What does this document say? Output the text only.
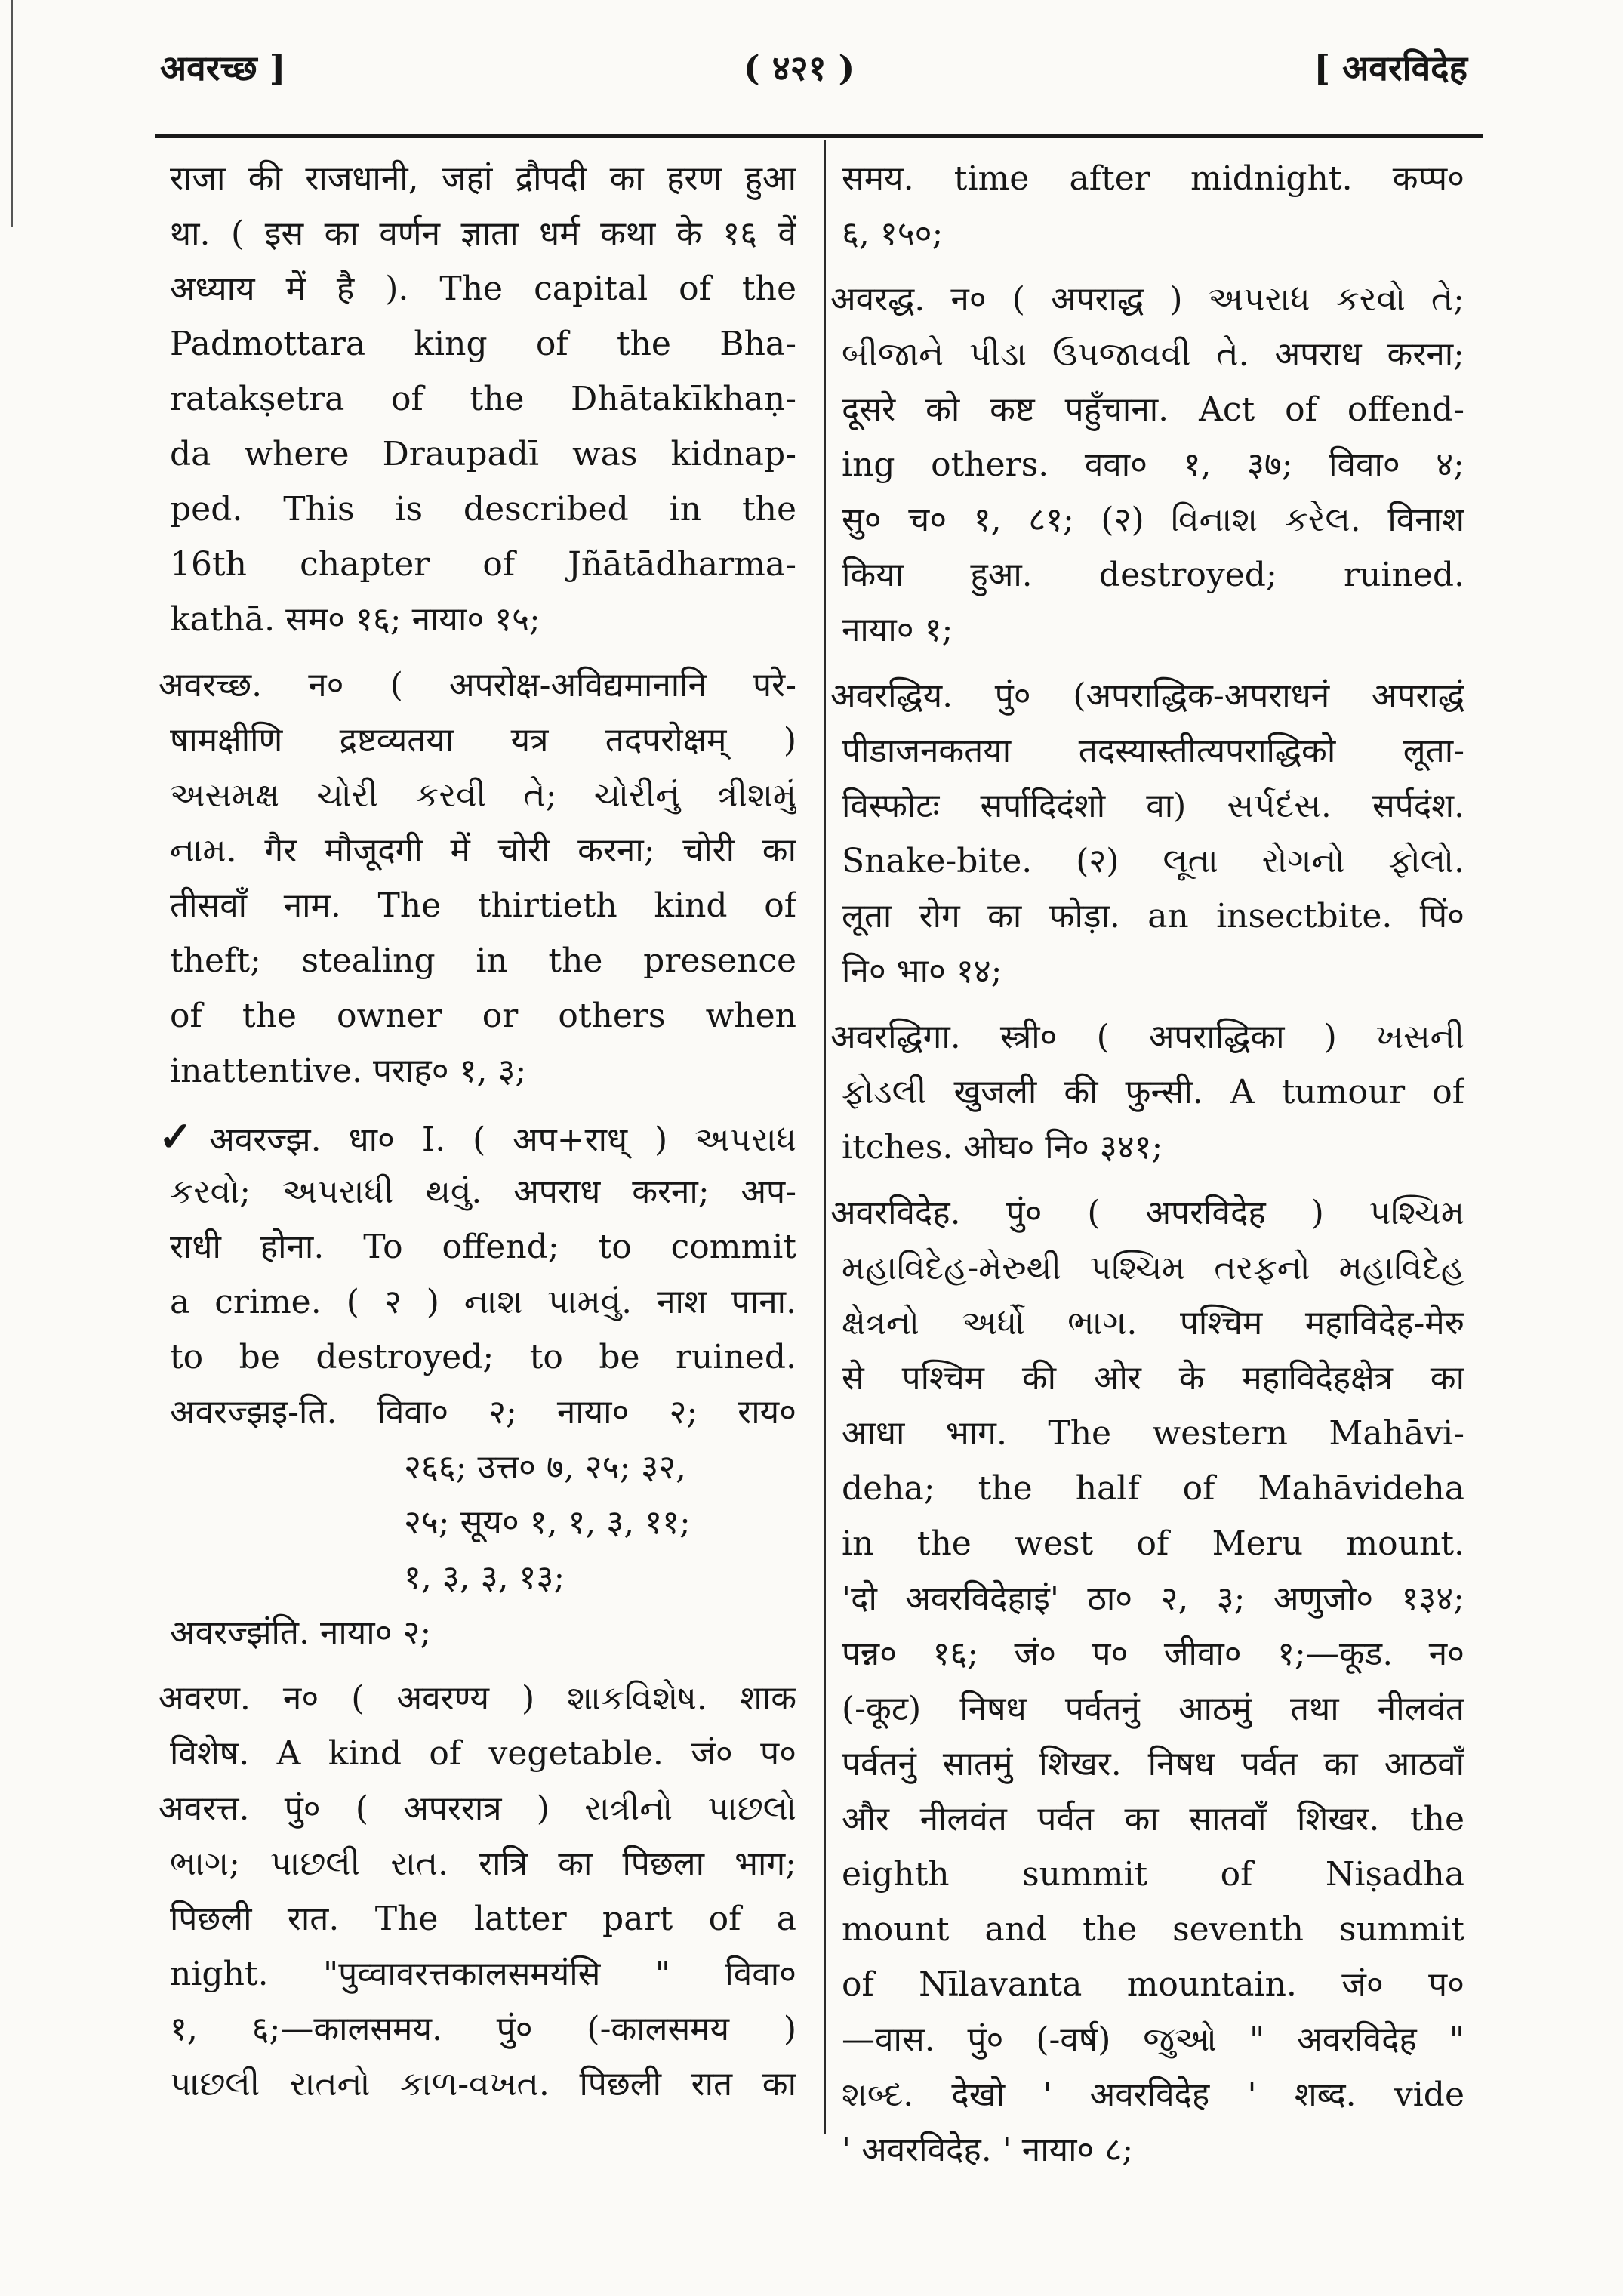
अवरच्छ ]	( ४२१ )	[ अवरविदेह
राजा की राजधानी, जहां द्रौपदी का हरण हुआ
था. ( इस का वर्णन ज्ञाता धर्म कथा के १६ वें
अध्याय में है ). The capital of the
Padmottara king of the Bha-
ratakṣetra of the Dhātakīkhaṇ-
da where Draupadī was kidnap-
ped. This is described in the
16th chapter of Jñātādharma-
kathā. सम० १६; नाया० १५;
अवरच्छ. न० ( अपरोक्ष-अविद्यमानानि परे-
षामक्षीणि द्रष्टव्यतया यत्र तदपरोक्षम् )
અસમક્ષ ચોરી કરવી તે; ચોરીનું ત્રીશમું
નામ. गैर मौजूदगी में चोरी करना; चोरी का
तीसवाँ नाम. The thirtieth kind of
theft; stealing in the presence
of the owner or others when
inattentive. पराह० १, ३;
✓अवरज्झ. धा० I. ( अप+राध् ) અપરાધ
કરવો; અપરાધી થવું. अपराध करना; अप-
राधी होना. To offend; to commit
a crime. ( २ ) નાશ પામવું. नाश पाना.
to be destroyed; to be ruined.
अवरज्झइ-ति. विवा० २; नाया० २; राय०
२६६; उत्त० ७, २५; ३२,
२५; सूय० १, १, ३, ११;
१, ३, ३, १३;
अवरज्झंति. नाया० २;
अवरण. न० ( अवरण्य ) શાકવિશેષ. शाक
विशेष. A kind of vegetable. जं० प०
अवरत्त. पुं० ( अपररात्र ) રાત્રીનો પાછલો
ભાગ; પાછલી રાત. रात्रि का पिछला भाग;
पिछली रात. The latter part of a
night. "पुव्वावरत्तकालसमयंसि " विवा०
१, ६;—कालसमय. पुं० (-कालसमय )
પાછલી રાતનો કાળ-વખત. पिछली रात का
समय. time after midnight. कप्प०
६, १५०;
अवरद्ध. न० ( अपराद्ध ) અપરાધ કરવો તે;
બીજાને પીડા ઉપજાવવી તે. अपराध करना;
दूसरे को कष्ट पहुँचाना. Act of offend-
ing others. ववा० १, ३७; विवा० ४;
सु० च० १, ८१; (२) વિનાશ કરેલ. विनाश
किया हुआ. destroyed; ruined.
नाया० १;
अवरद्धिय. पुं० (अपराद्धिक-अपराधनं अपराद्धं
पीडाजनकतया तदस्यास्तीत्यपराद्धिको लूता-
विस्फोटः सर्पादिदंशो वा) સર્પદંસ. सर्पदंश.
Snake-bite. (२) લૂતા રોગનો ફોલો.
लूता रोग का फोड़ा. an insectbite. पिं०
नि० भा० १४;
अवरद्धिगा. स्त्री० ( अपराद्धिका ) ખસની
ફોડલી खुजली की फुन्सी. A tumour of
itches. ओघ० नि० ३४१;
अवरविदेह. पुं० ( अपरविदेह ) પશ્ચિમ
મહાવિદેહ-મેરુથી પશ્ચિમ તરફનો મહાવિદેહ
ક્ષેત્રનો અર્ધો ભાગ. पश्चिम महाविदेह-मेरु
से पश्चिम की ओर के महाविदेहक्षेत्र का
आधा भाग. The western Mahāvi-
deha; the half of Mahāvideha
in the west of Meru mount.
'दो अवरविदेहाइं' ठा० २, ३; अणुजो० १३४;
पन्न० १६; जं० प० जीवा० १;—कूड. न०
(-कूट) निषध पर्वतनुं आठमुं तथा नीलवंत
पर्वतनुं सातमुं शिखर. निषध पर्वत का आठवाँ
और नीलवंत पर्वत का सातवाँ शिखर. the
eighth summit of Niṣadha
mount and the seventh summit
of Nīlavanta mountain. जं० प०
—वास. पुं० (-वर्ष) જુઓ " अवरविदेह "
શબ્દ. देखो ' अवरविदेह ' शब्द. vide
' अवरविदेह. ' नाया० ८;
